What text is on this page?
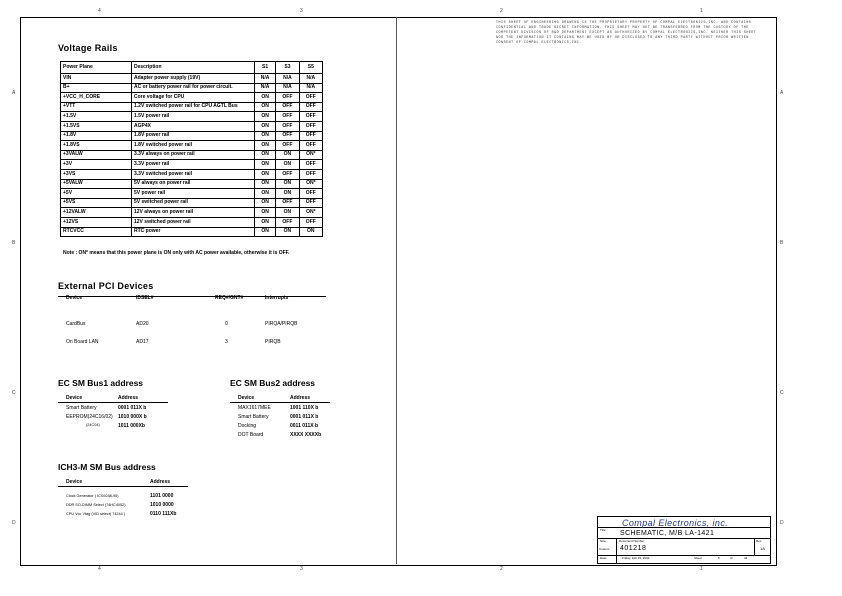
4	3	2	1
4	3	2	1
A
B
C
D
A
B
C
D
THIS SHEET OF ENGINEERING DRAWING IS THE PROPRIETARY PROPERTY OF COMPAL ELECTRONICS,INC. AND CONTAINS CONFIDENTIAL AND TRADE SECRET INFORMATION. THIS SHEET MAY NOT BE TRANSFERRED FROM THE CUSTODY OF THE COMPETENT DIVISION OF R&D DEPARTMENT EXCEPT AS AUTHORIZED BY COMPAL ELECTRONICS,INC. NEITHER THIS SHEET NOR THE INFORMATION IT CONTAINS MAY BE USED BY OR DISCLOSED TO ANY THIRD PARTY WITHOUT PRIOR WRITTEN CONSENT OF COMPAL ELECTRONICS,INC.
Voltage Rails
Power Plane	Description	S1	S3	S5
VIN	Adapter power supply (19V)	N/A	N/A	N/A
B+	AC or battery power rail for power circuit.	N/A	N/A	N/A
+VCC_H_CORE	Core voltage for CPU	ON	OFF	OFF
+VTT	1.2V switched power rail for CPU AGTL Bus	ON	OFF	OFF
+1.5V	1.5V power rail	ON	OFF	OFF
+1.5VS	AGP4X	ON	OFF	OFF
+1.8V	1.8V power rail	ON	OFF	OFF
+1.8VS	1.8V switched power rail	ON	OFF	OFF
+3VALW	3.3V always on power rail	ON	ON	ON*
+3V	3.3V power rail	ON	ON	OFF
+3VS	3.3V switched power rail	ON	OFF	OFF
+5VALW	5V always on power rail	ON	ON	ON*
+5V	5V power rail	ON	ON	OFF
+5VS	5V switched power rail	ON	OFF	OFF
+12VALW	12V always on power rail	ON	ON	ON*
+12VS	12V switched power rail	ON	OFF	OFF
RTCVCC	RTC power	ON	ON	ON
Note : ON* means that this power plane is ON only with AC power available, otherwise it is OFF.
External PCI Devices
Device	IDSEL#	REQ#/GNT#	Interrupts
CardBus	AD20	0	PIRQA/PIRQB
On Board LAN	AD17	3	PIRQB
EC SM Bus1 address
Device	Address
Smart Battery	0001 011X b
EEPROM(24C16/02) 1010 000X b
(24C04)	1011 000Xb
EC SM Bus2 address
Device	Address
MAX1617MEE	1001 110X b
Smart Battery	0001 011X b
Docking	0011 011X b
DOT Board	XXXX XXXXb
ICH3-M SM Bus address
Device	Address
Clock Generator ( ICS9248-95)	1101 0000
DDR SO-DIMM Select (74HC4052)	1010 0000
CPU Vcc Vtag (VID select) 74244 )	0110 111Xb
Compal Electronics, inc.
Title SCHEMATIC, M/B LA-1421
Size
Custom
Document Number
401218
Rev
1A
Date:	Friday, Feb 15, 2002	Sheet	5	of	44
